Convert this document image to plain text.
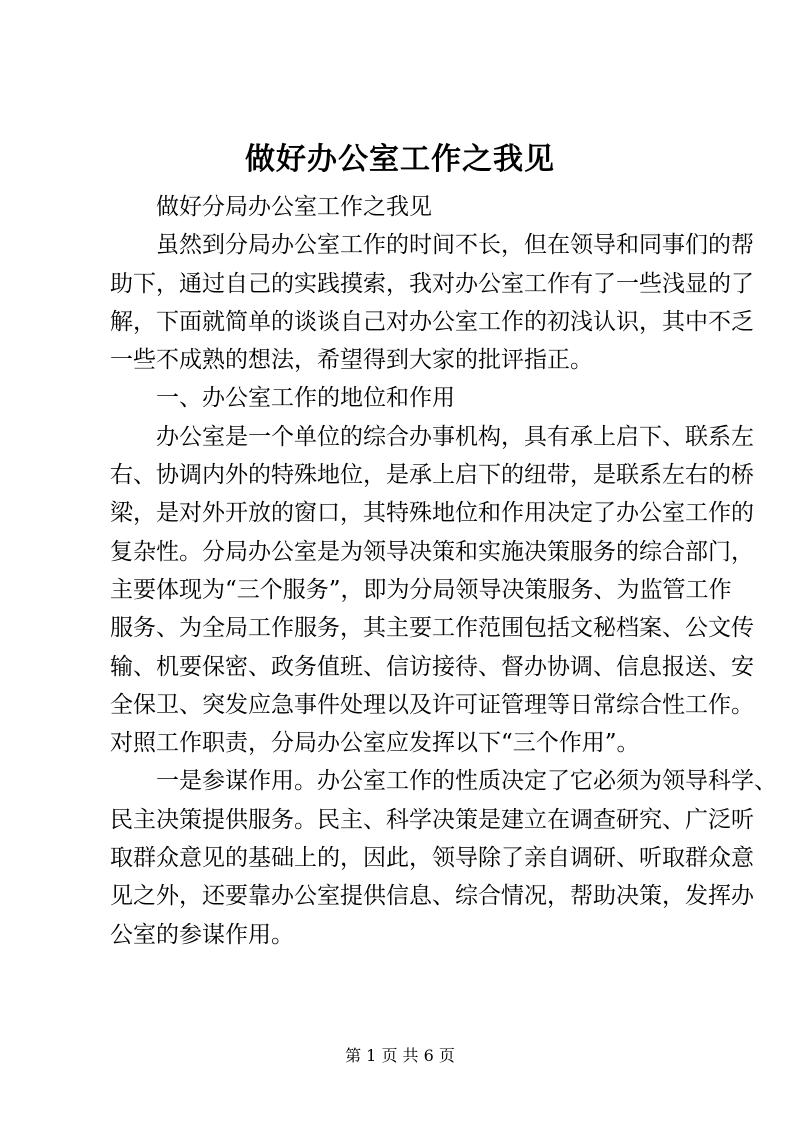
做好办公室工作之我见
做好分局办公室工作之我见
虽然到分局办公室工作的时间不长，但在领导和同事们的帮
助下，通过自己的实践摸索，我对办公室工作有了一些浅显的了
解，下面就简单的谈谈自己对办公室工作的初浅认识，其中不乏
一些不成熟的想法，希望得到大家的批评指正。
一、办公室工作的地位和作用
办公室是一个单位的综合办事机构，具有承上启下、联系左
右、协调内外的特殊地位，是承上启下的纽带，是联系左右的桥
梁，是对外开放的窗口，其特殊地位和作用决定了办公室工作的
复杂性。分局办公室是为领导决策和实施决策服务的综合部门，
主要体现为“三个服务”，即为分局领导决策服务、为监管工作
服务、为全局工作服务，其主要工作范围包括文秘档案、公文传
输、机要保密、政务值班、信访接待、督办协调、信息报送、安
全保卫、突发应急事件处理以及许可证管理等日常综合性工作。
对照工作职责，分局办公室应发挥以下“三个作用”。
一是参谋作用。办公室工作的性质决定了它必须为领导科学、
民主决策提供服务。民主、科学决策是建立在调查研究、广泛听
取群众意见的基础上的，因此，领导除了亲自调研、听取群众意
见之外，还要靠办公室提供信息、综合情况，帮助决策，发挥办
公室的参谋作用。
第 1 页 共 6 页
